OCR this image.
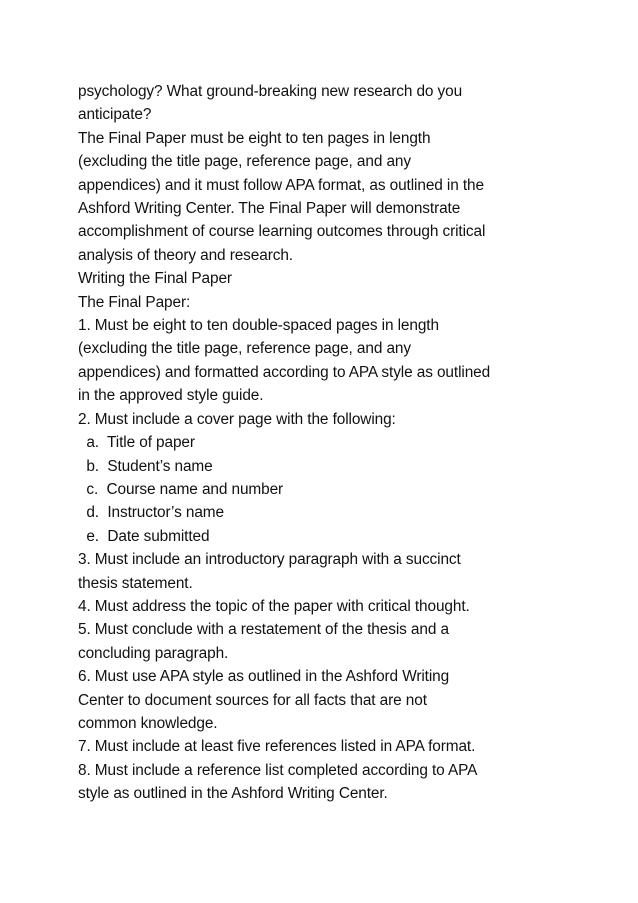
psychology? What ground-breaking new research do you
anticipate?
The Final Paper must be eight to ten pages in length
(excluding the title page, reference page, and any
appendices) and it must follow APA format, as outlined in the
Ashford Writing Center. The Final Paper will demonstrate
accomplishment of course learning outcomes through critical
analysis of theory and research.
Writing the Final Paper
The Final Paper:
1. Must be eight to ten double-spaced pages in length
(excluding the title page, reference page, and any
appendices) and formatted according to APA style as outlined
in the approved style guide.
2. Must include a cover page with the following:
a.  Title of paper
b.  Student’s name
c.  Course name and number
d.  Instructor’s name
e.  Date submitted
3. Must include an introductory paragraph with a succinct
thesis statement.
4. Must address the topic of the paper with critical thought.
5. Must conclude with a restatement of the thesis and a
concluding paragraph.
6. Must use APA style as outlined in the Ashford Writing
Center to document sources for all facts that are not
common knowledge.
7. Must include at least five references listed in APA format.
8. Must include a reference list completed according to APA
style as outlined in the Ashford Writing Center.
